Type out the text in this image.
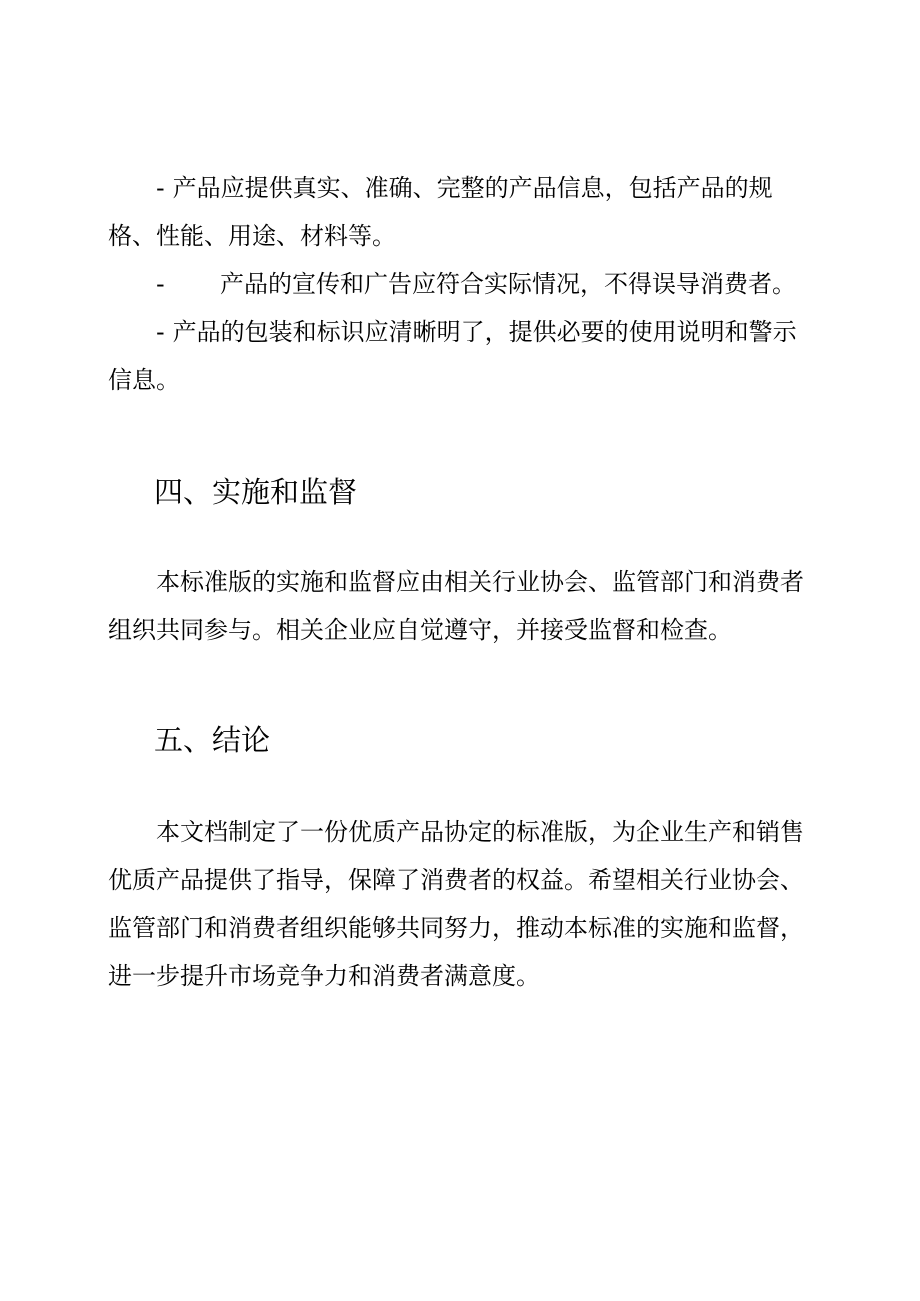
- 产品应提供真实、准确、完整的产品信息，包括产品的规格、性能、用途、材料等。
- 产品的宣传和广告应符合实际情况，不得误导消费者。
- 产品的包装和标识应清晰明了，提供必要的使用说明和警示信息。
四、实施和监督
本标准版的实施和监督应由相关行业协会、监管部门和消费者组织共同参与。相关企业应自觉遵守，并接受监督和检查。
五、结论
本文档制定了一份优质产品协定的标准版，为企业生产和销售优质产品提供了指导，保障了消费者的权益。希望相关行业协会、监管部门和消费者组织能够共同努力，推动本标准的实施和监督，进一步提升市场竞争力和消费者满意度。
